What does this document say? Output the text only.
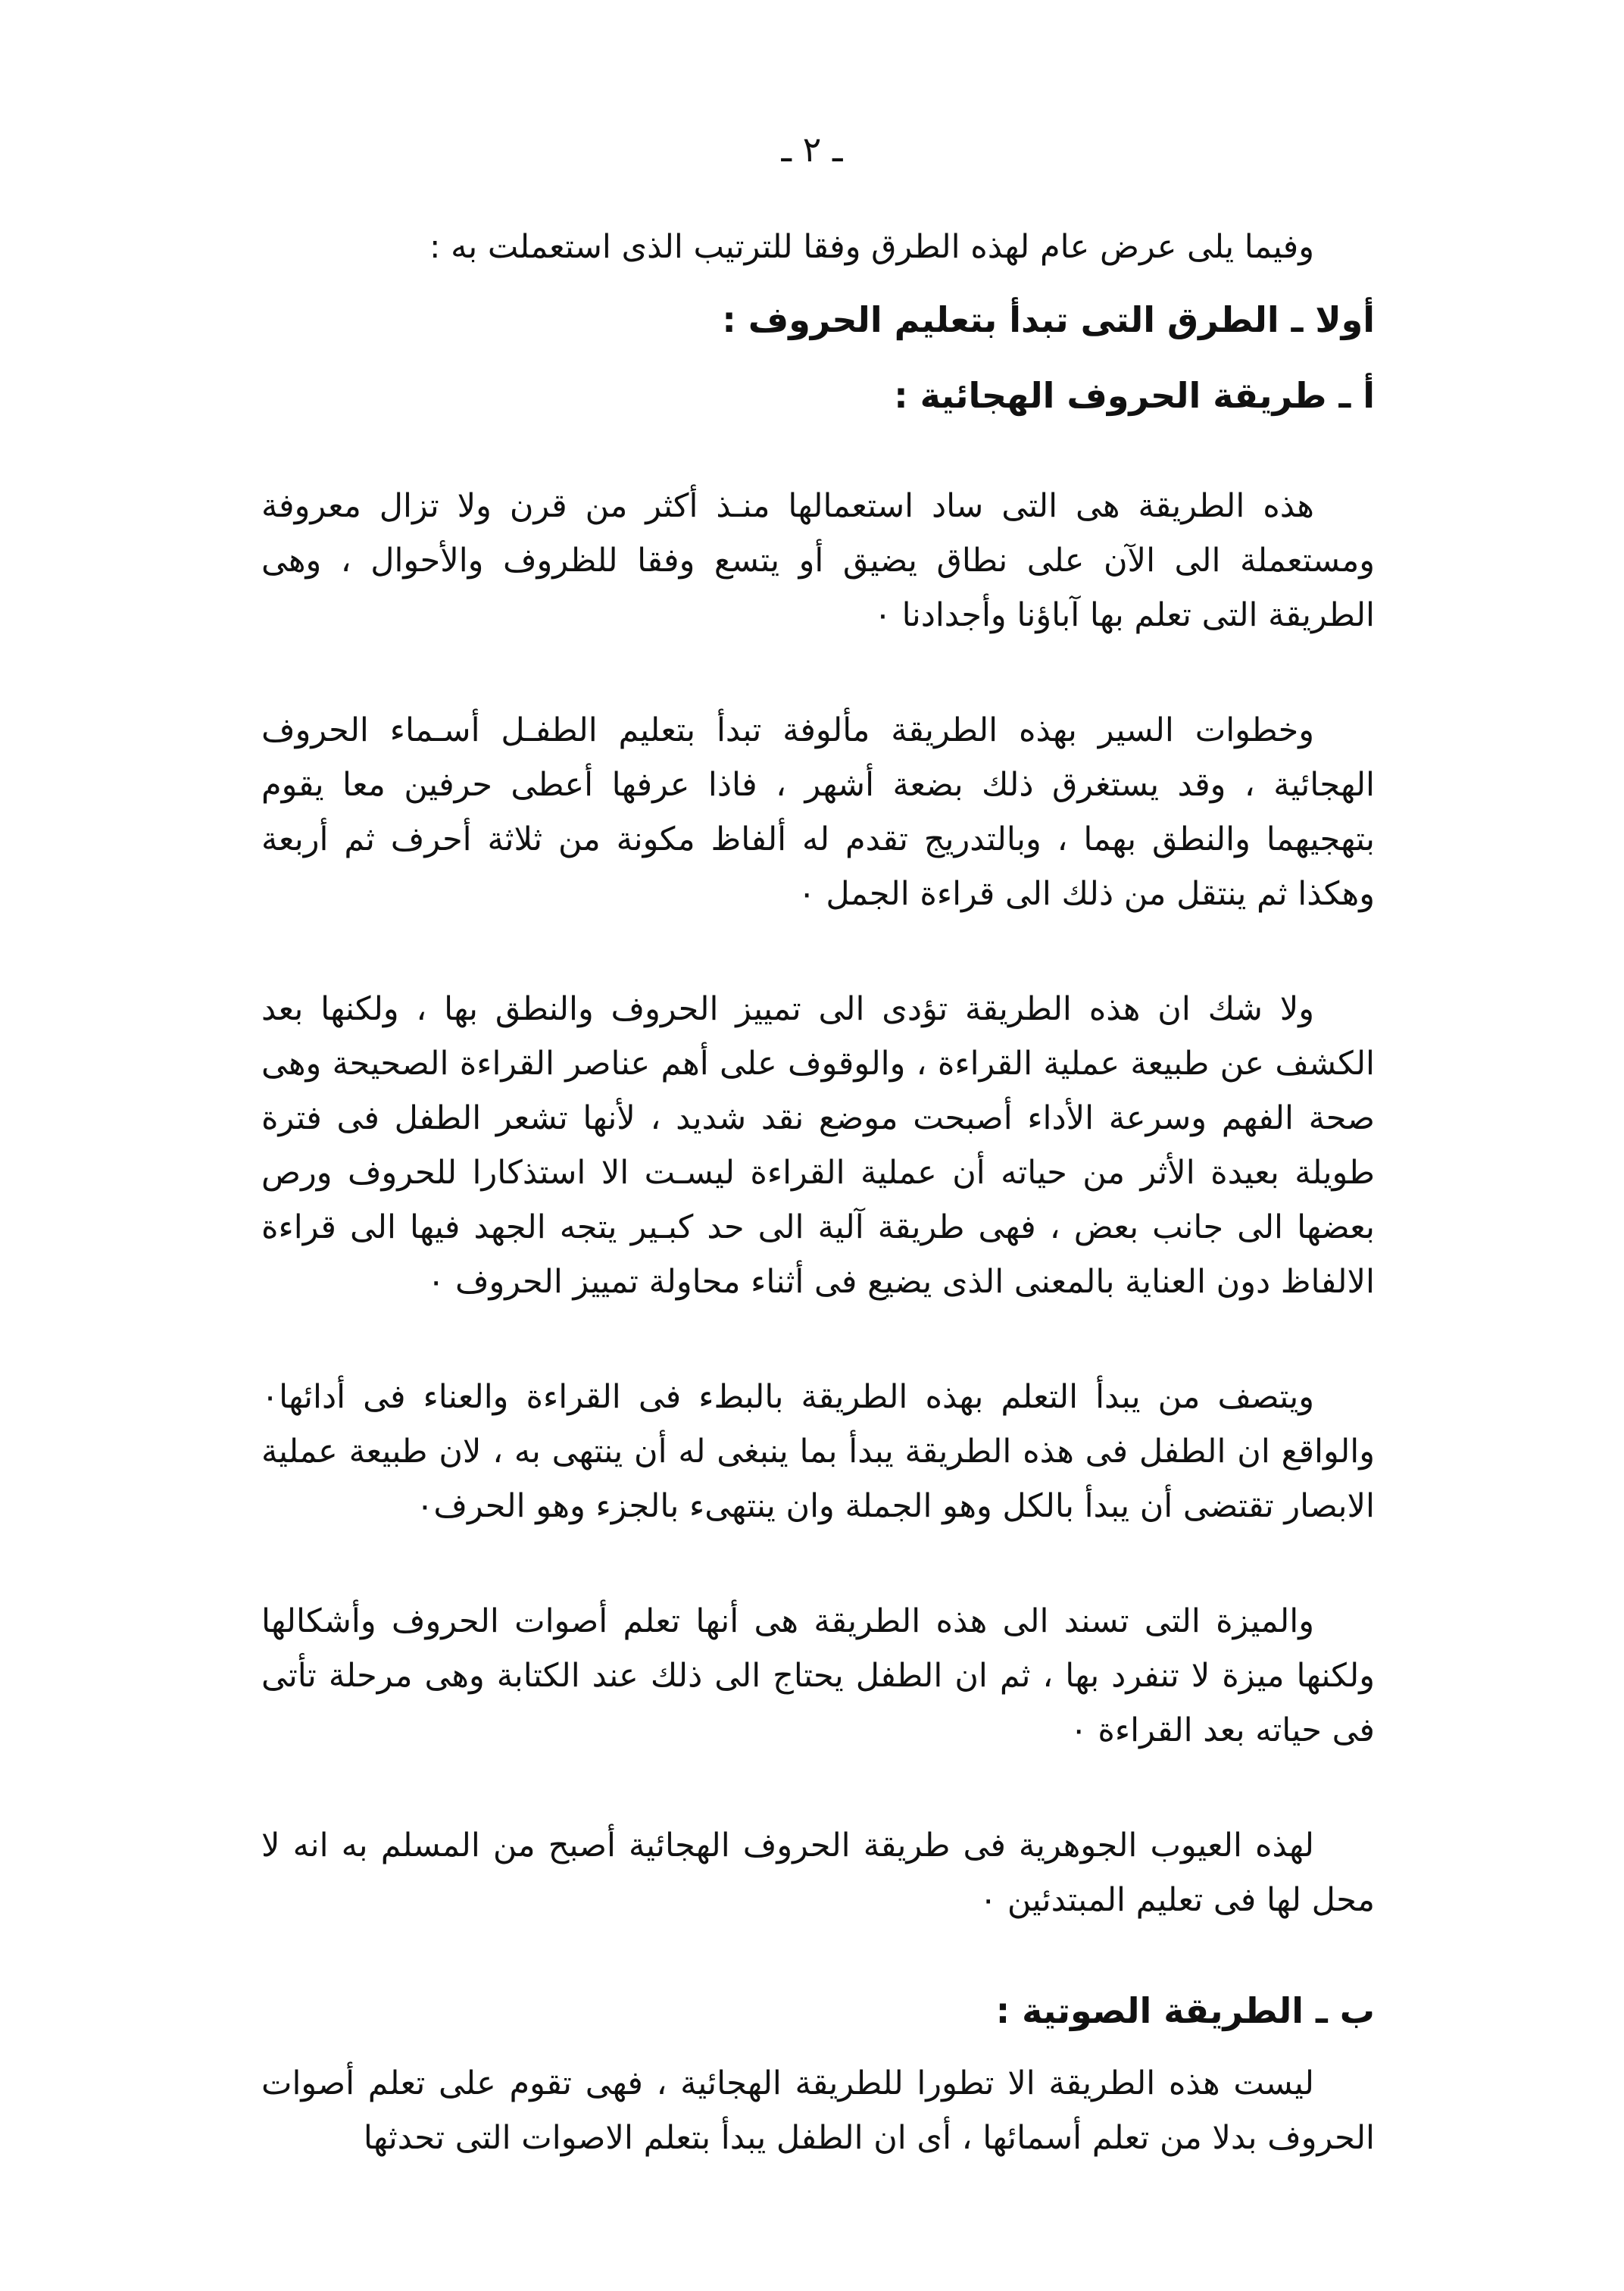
ـ ٢ ـ

وفيما يلى عرض عام لهذه الطرق وفقا للترتيب الذى استعملت به :

أولا ـ الطرق التى تبدأ بتعليم الحروف :
أ ـ طريقة الحروف الهجائية :

هذه الطريقة هى التى ساد استعمالها منـذ أكثر من قرن ولا تزال معروفة ومستعملة الى الآن على نطاق يضيق أو يتسع وفقا للظروف والأحوال ، وهى الطريقة التى تعلم بها آباؤنا وأجدادنا ٠

وخطوات السير بهذه الطريقة مألوفة تبدأ بتعليم الطفـل أسـماء الحروف الهجائية ، وقد يستغرق ذلك بضعة أشهر ، فاذا عرفها أعطى حرفين معا يقوم بتهجيهما والنطق بهما ، وبالتدريج تقدم له ألفاظ مكونة من ثلاثة أحرف ثم أربعة وهكذا ثم ينتقل من ذلك الى قراءة الجمل ٠

ولا شك ان هذه الطريقة تؤدى الى تمييز الحروف والنطق بها ، ولكنها بعد الكشف عن طبيعة عملية القراءة ، والوقوف على أهم عناصر القراءة الصحيحة وهى صحة الفهم وسرعة الأداء أصبحت موضع نقد شديد ، لأنها تشعر الطفل فى فترة طويلة بعيدة الأثر من حياته أن عملية القراءة ليسـت الا استذكارا للحروف ورص بعضها الى جانب بعض ، فهى طريقة آلية الى حد كبـير يتجه الجهد فيها الى قراءة الالفاظ دون العناية بالمعنى الذى يضيع فى أثناء محاولة تمييز الحروف ٠

ويتصف من يبدأ التعلم بهذه الطريقة بالبطء فى القراءة والعناء فى أدائها٠ والواقع ان الطفل فى هذه الطريقة يبدأ بما ينبغى له أن ينتهى به ، لان طبيعة عملية الابصار تقتضى أن يبدأ بالكل وهو الجملة وان ينتهىء بالجزء وهو الحرف٠

والميزة التى تسند الى هذه الطريقة هى أنها تعلم أصوات الحروف وأشكالها ولكنها ميزة لا تنفرد بها ، ثم ان الطفل يحتاج الى ذلك عند الكتابة وهى مرحلة تأتى فى حياته بعد القراءة ٠

لهذه العيوب الجوهرية فى طريقة الحروف الهجائية أصبح من المسلم به انه لا محل لها فى تعليم المبتدئين ٠

ب ـ الطريقة الصوتية :

ليست هذه الطريقة الا تطورا للطريقة الهجائية ، فهى تقوم على تعلم أصوات الحروف بدلا من تعلم أسمائها ، أى ان الطفل يبدأ بتعلم الاصوات التى تحدثها
